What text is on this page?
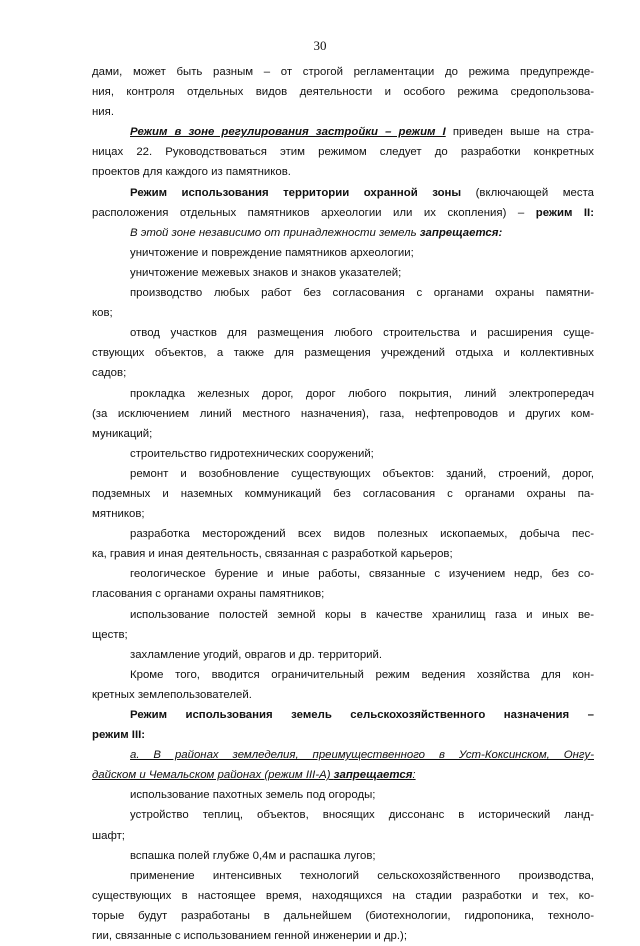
30
дами, может быть разным – от строгой регламентации до режима предупрежде-
ния, контроля отдельных видов деятельности и особого режима средопользова-
ния.
Режим в зоне регулирования застройки – режим I приведен выше на стра-
ницах 22. Руководствоваться этим режимом следует до разработки конкретных
проектов для каждого из памятников.
Режим использования территории охранной зоны (включающей места
расположения отдельных памятников археологии или их скопления) – режим II:
В этой зоне независимо от принадлежности земель запрещается:
уничтожение и повреждение памятников археологии;
уничтожение межевых знаков и знаков указателей;
производство любых работ без согласования с органами охраны памятни-
ков;
отвод участков для размещения любого строительства и расширения суще-
ствующих объектов, а также для размещения учреждений отдыха и коллективных
садов;
прокладка железных дорог, дорог любого покрытия, линий электропередач
(за исключением линий местного назначения), газа, нефтепроводов и других ком-
муникаций;
строительство гидротехнических сооружений;
ремонт и возобновление существующих объектов: зданий, строений, дорог,
подземных и наземных коммуникаций без согласования с органами охраны па-
мятников;
разработка месторождений всех видов полезных ископаемых, добыча пес-
ка, гравия и иная деятельность, связанная с разработкой карьеров;
геологическое бурение и иные работы, связанные с изучением недр, без со-
гласования с органами охраны памятников;
использование полостей земной коры в качестве хранилищ газа и иных ве-
ществ;
захламление угодий, оврагов и др. территорий.
Кроме того, вводится ограничительный режим ведения хозяйства для кон-
кретных землепользователей.
Режим использования земель сельскохозяйственного назначения –
режим III:
а. В районах земледелия, преимущественного в Уст-Коксинском, Онгу-
дайском и Чемальском районах (режим III-А) запрещается:
использование пахотных земель под огороды;
устройство теплиц, объектов, вносящих диссонанс в исторический ланд-
шафт;
вспашка полей глубже 0,4м и распашка лугов;
применение интенсивных технологий сельскохозяйственного производства,
существующих в настоящее время, находящихся на стадии разработки и тех, ко-
торые будут разработаны в дальнейшем (биотехнологии, гидропоника, техноло-
гии, связанные с использованием генной инженерии и др.);
